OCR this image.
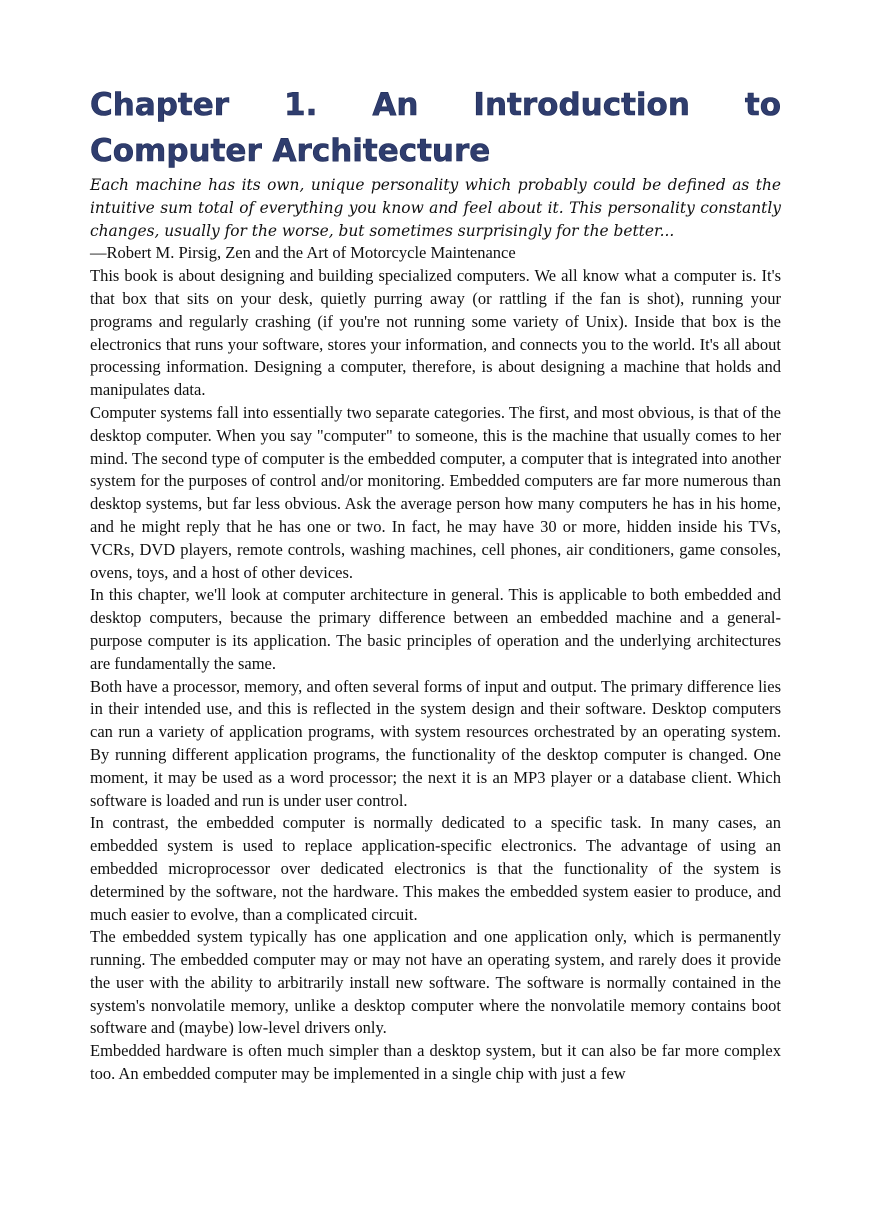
Chapter 1. An Introduction to Computer Architecture

Each machine has its own, unique personality which probably could be defined as the intuitive sum total of everything you know and feel about it. This personality constantly changes, usually for the worse, but sometimes surprisingly for the better...

—Robert M. Pirsig, Zen and the Art of Motorcycle Maintenance

This book is about designing and building specialized computers. We all know what a computer is. It's that box that sits on your desk, quietly purring away (or rattling if the fan is shot), running your programs and regularly crashing (if you're not running some variety of Unix). Inside that box is the electronics that runs your software, stores your information, and connects you to the world. It's all about processing information. Designing a computer, therefore, is about designing a machine that holds and manipulates data.

Computer systems fall into essentially two separate categories. The first, and most obvious, is that of the desktop computer. When you say "computer" to someone, this is the machine that usually comes to her mind. The second type of computer is the embedded computer, a computer that is integrated into another system for the purposes of control and/or monitoring. Embedded computers are far more numerous than desktop systems, but far less obvious. Ask the average person how many computers he has in his home, and he might reply that he has one or two. In fact, he may have 30 or more, hidden inside his TVs, VCRs, DVD players, remote controls, washing machines, cell phones, air conditioners, game consoles, ovens, toys, and a host of other devices.

In this chapter, we'll look at computer architecture in general. This is applicable to both embedded and desktop computers, because the primary difference between an embedded machine and a general-purpose computer is its application. The basic principles of operation and the underlying architectures are fundamentally the same.

Both have a processor, memory, and often several forms of input and output. The primary difference lies in their intended use, and this is reflected in the system design and their software. Desktop computers can run a variety of application programs, with system resources orchestrated by an operating system. By running different application programs, the functionality of the desktop computer is changed. One moment, it may be used as a word processor; the next it is an MP3 player or a database client. Which software is loaded and run is under user control.

In contrast, the embedded computer is normally dedicated to a specific task. In many cases, an embedded system is used to replace application-specific electronics. The advantage of using an embedded microprocessor over dedicated electronics is that the functionality of the system is determined by the software, not the hardware. This makes the embedded system easier to produce, and much easier to evolve, than a complicated circuit.

The embedded system typically has one application and one application only, which is permanently running. The embedded computer may or may not have an operating system, and rarely does it provide the user with the ability to arbitrarily install new software. The software is normally contained in the system's nonvolatile memory, unlike a desktop computer where the nonvolatile memory contains boot software and (maybe) low-level drivers only.

Embedded hardware is often much simpler than a desktop system, but it can also be far more complex too. An embedded computer may be implemented in a single chip with just a few
